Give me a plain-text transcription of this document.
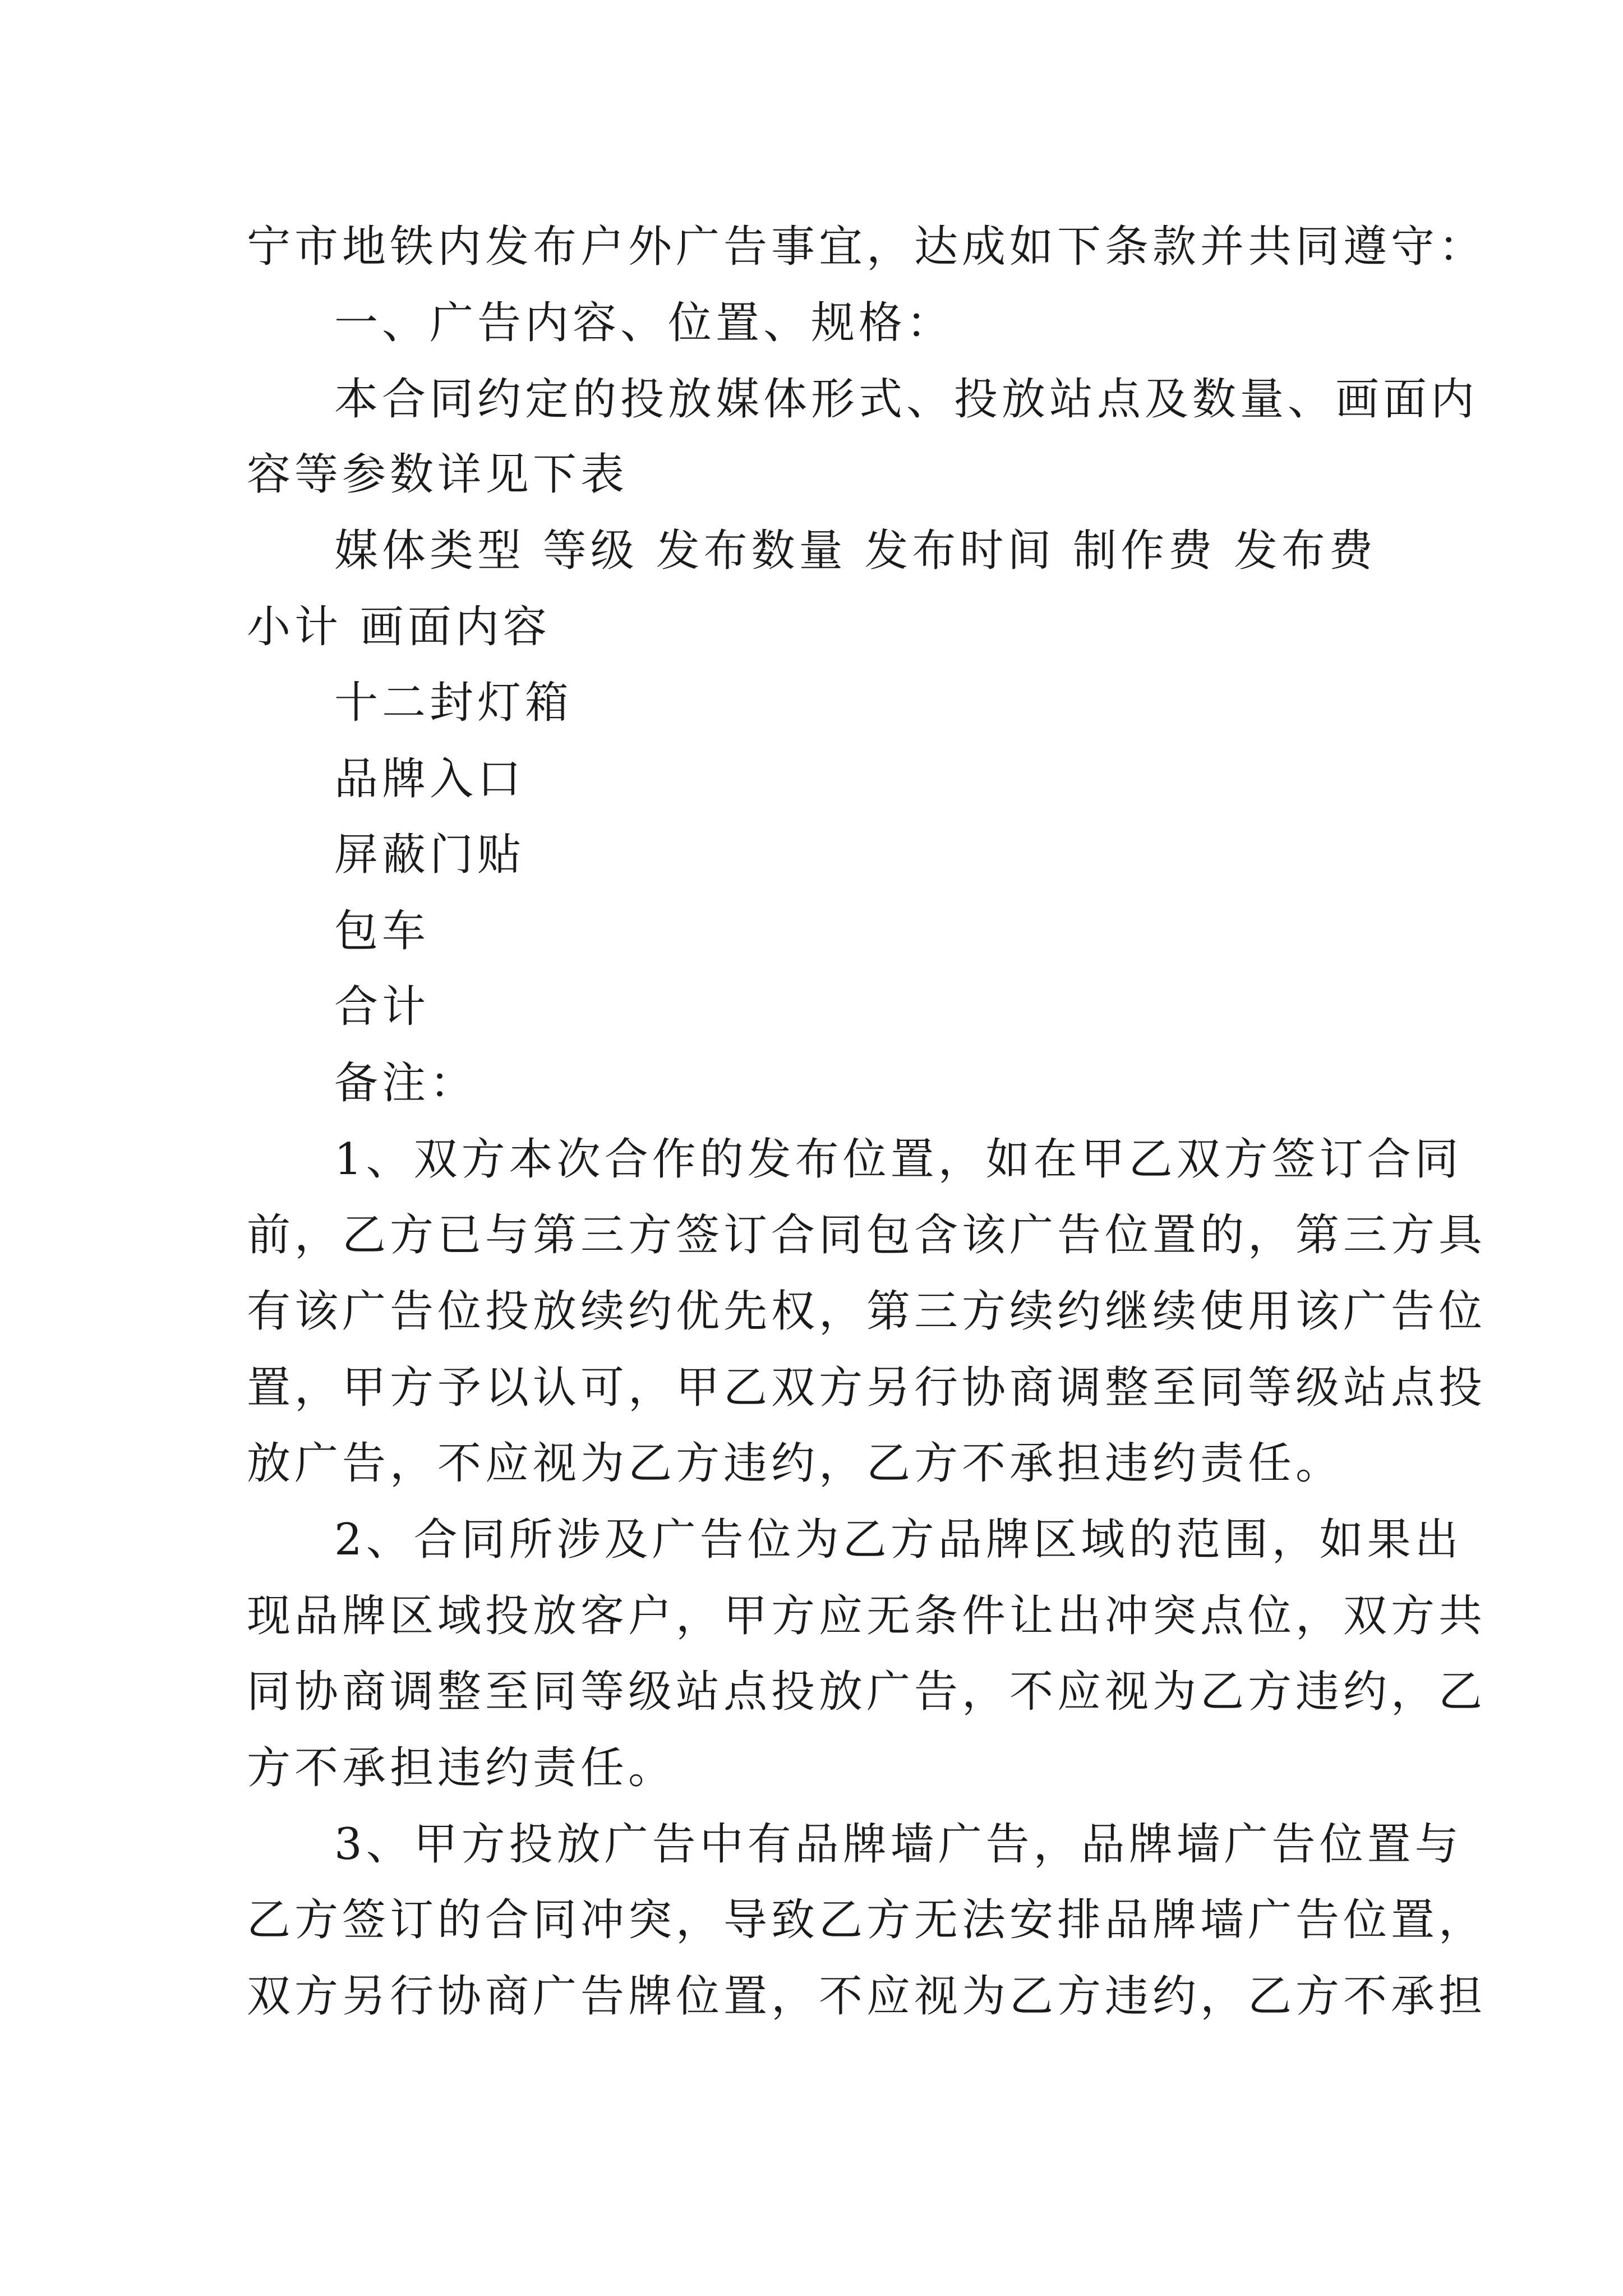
宁市地铁内发布户外广告事宜，达成如下条款并共同遵守：
一、广告内容、位置、规格：
本合同约定的投放媒体形式、投放站点及数量、画面内
容等参数详见下表
媒体类型 等级 发布数量 发布时间 制作费 发布费
小计 画面内容
十二封灯箱
品牌入口
屏蔽门贴
包车
合计
备注：
1、双方本次合作的发布位置，如在甲乙双方签订合同
前，乙方已与第三方签订合同包含该广告位置的，第三方具
有该广告位投放续约优先权，第三方续约继续使用该广告位
置，甲方予以认可，甲乙双方另行协商调整至同等级站点投
放广告，不应视为乙方违约，乙方不承担违约责任。
2、合同所涉及广告位为乙方品牌区域的范围，如果出
现品牌区域投放客户，甲方应无条件让出冲突点位，双方共
同协商调整至同等级站点投放广告，不应视为乙方违约，乙
方不承担违约责任。
3、甲方投放广告中有品牌墙广告，品牌墙广告位置与
乙方签订的合同冲突，导致乙方无法安排品牌墙广告位置，
双方另行协商广告牌位置，不应视为乙方违约，乙方不承担
